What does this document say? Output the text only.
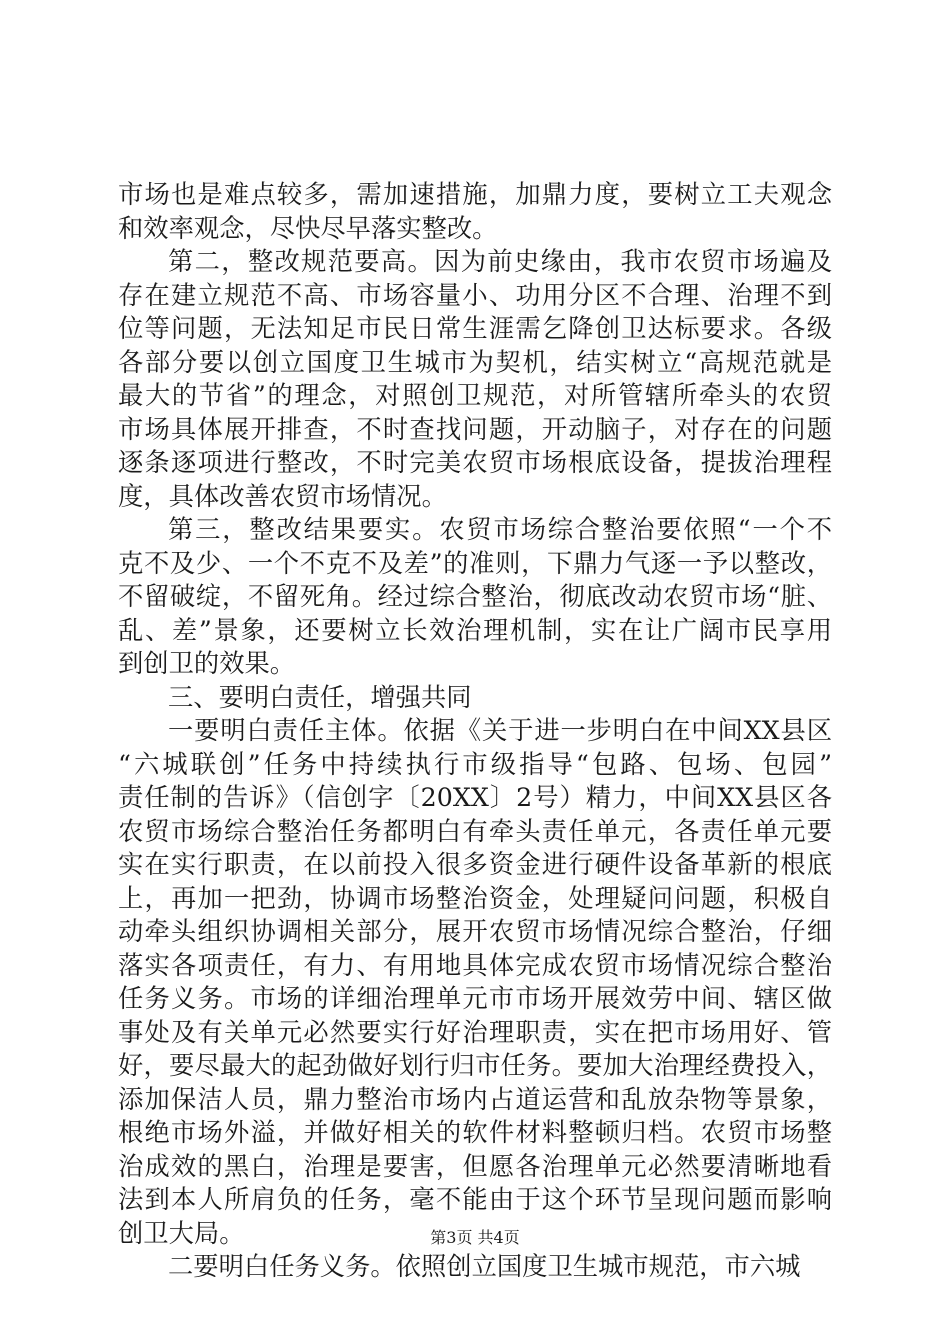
市场也是难点较多，需加速措施，加鼎力度，要树立工夫观念
和效率观念，尽快尽早落实整改。
第二，整改规范要高。因为前史缘由，我市农贸市场遍及
存在建立规范不高、市场容量小、功用分区不合理、治理不到
位等问题，无法知足市民日常生涯需乞降创卫达标要求。各级
各部分要以创立国度卫生城市为契机，结实树立“高规范就是
最大的节省”的理念，对照创卫规范，对所管辖所牵头的农贸
市场具体展开排查，不时查找问题，开动脑子，对存在的问题
逐条逐项进行整改，不时完美农贸市场根底设备，提拔治理程
度，具体改善农贸市场情况。
第三，整改结果要实。农贸市场综合整治要依照“一个不
克不及少、一个不克不及差”的准则，下鼎力气逐一予以整改，
不留破绽，不留死角。经过综合整治，彻底改动农贸市场“脏、
乱、差”景象，还要树立长效治理机制，实在让广阔市民享用
到创卫的效果。
三、要明白责任，增强共同
一要明白责任主体。依据《关于进一步明白在中间XX县区
“六城联创”任务中持续执行市级指导“包路、包场、包园”
责任制的告诉》（信创字〔20XX〕2号）精力，中间XX县区各
农贸市场综合整治任务都明白有牵头责任单元，各责任单元要
实在实行职责，在以前投入很多资金进行硬件设备革新的根底
上，再加一把劲，协调市场整治资金，处理疑问问题，积极自
动牵头组织协调相关部分，展开农贸市场情况综合整治，仔细
落实各项责任，有力、有用地具体完成农贸市场情况综合整治
任务义务。市场的详细治理单元市市场开展效劳中间、辖区做
事处及有关单元必然要实行好治理职责，实在把市场用好、管
好，要尽最大的起劲做好划行归市任务。要加大治理经费投入，
添加保洁人员，鼎力整治市场内占道运营和乱放杂物等景象，
根绝市场外溢，并做好相关的软件材料整顿归档。农贸市场整
治成效的黑白，治理是要害，但愿各治理单元必然要清晰地看
法到本人所肩负的任务，毫不能由于这个环节呈现问题而影响
创卫大局。
二要明白任务义务。依照创立国度卫生城市规范，市六城
第3页 共4页
